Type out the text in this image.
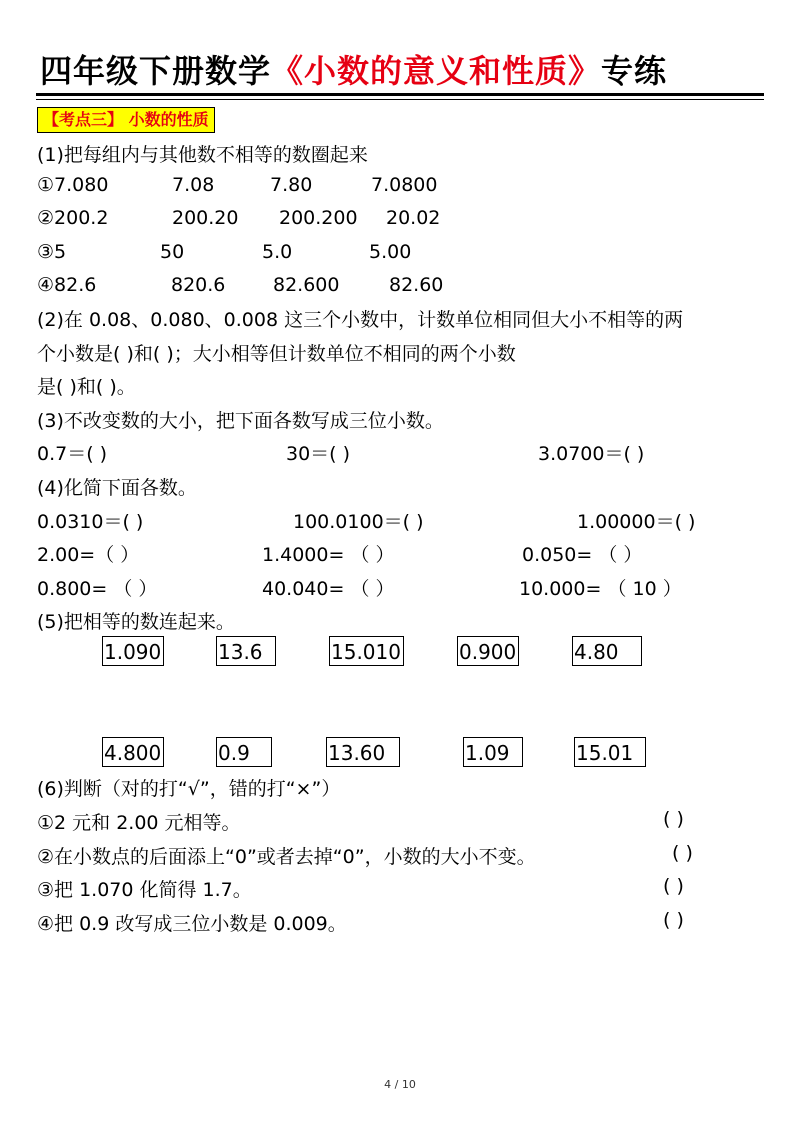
四年级下册数学《小数的意义和性质》专练
【考点三】 小数的性质
(1)把每组内与其他数不相等的数圈起来
①7.080	7.08	7.80	7.0800
②200.2	200.20 200.200 20.02
③5	50	5.0	5.00
④82.6	820.6	82.600	82.60
(2)在 0.08、0.080、0.008 这三个小数中，计数单位相同但大小不相等的两
个小数是( )和( )；大小相等但计数单位不相同的两个小数
是( )和( )。
(3)不改变数的大小，把下面各数写成三位小数。
0.7＝( )	30＝( )	3.0700＝( )
(4)化简下面各数。
0.0310＝( )	100.0100＝( )	1.00000＝( )
2.00=（ ）	1.4000= （ ）	0.050= （ ）
0.800= （ ）	40.040= （ ）	10.000= （ 10 ）
(5)把相等的数连起来。
1.090	13.6	15.010	0.900	4.80
4.800	0.9	13.60	1.09	15.01
(6)判断（对的打“√”，错的打“×”）
①2 元和 2.00 元相等。	( )
②在小数点的后面添上“0”或者去掉“0”，小数的大小不变。	( )
③把 1.070 化简得 1.7。	( )
④把 0.9 改写成三位小数是 0.009。	( )
4 / 10
